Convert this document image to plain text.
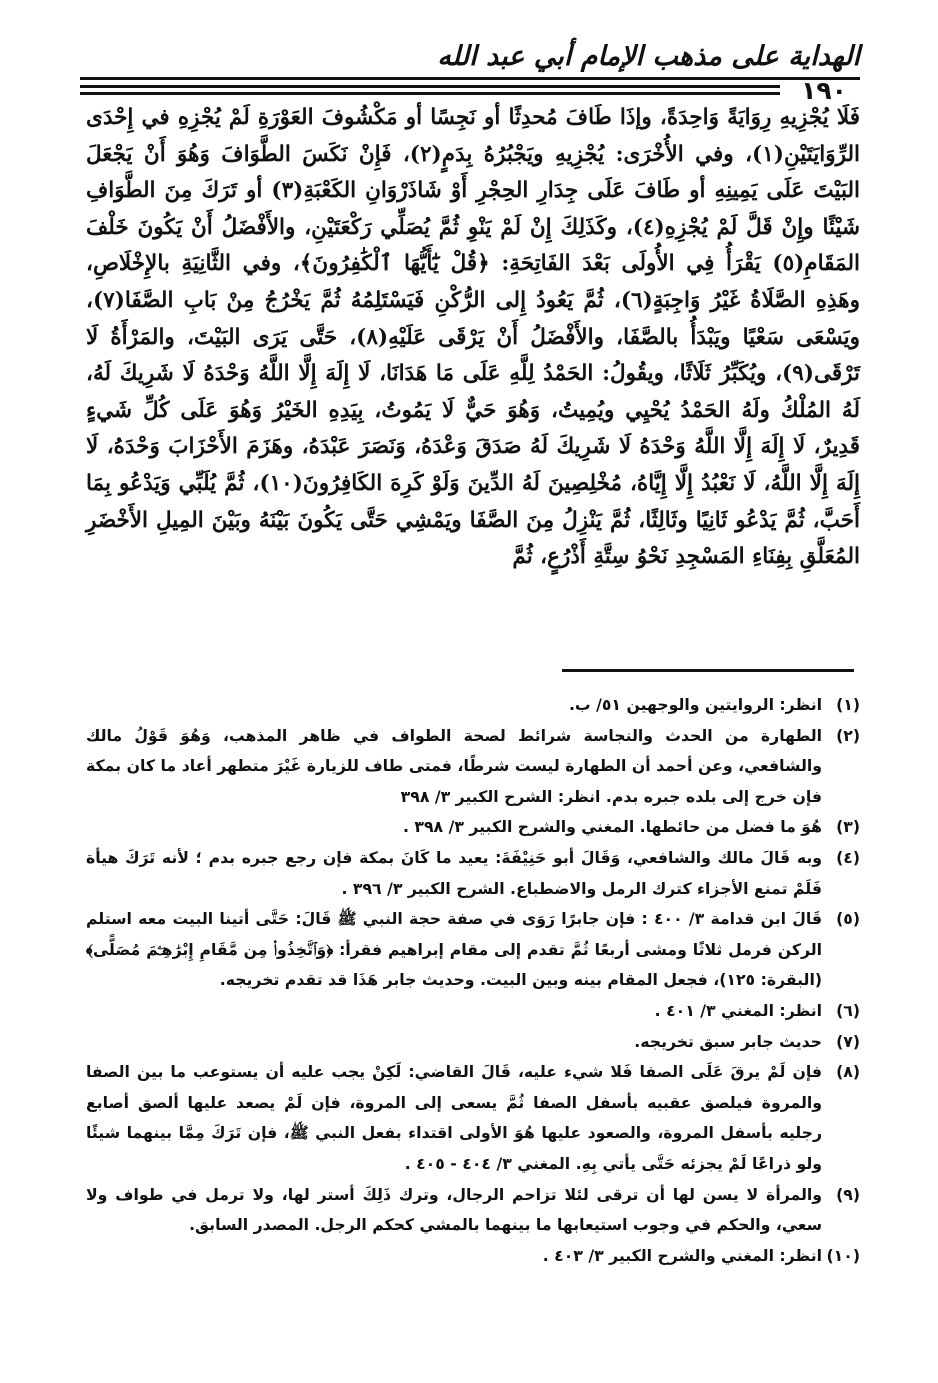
الهداية على مذهب الإمام أبي عبد الله
١٩٠

فَلَا يُجْزِيهِ رِوَايَةً وَاحِدَةً، وإذَا طَافَ مُحدِثًا أو نَجِسًا أو مَكْشُوفَ العَوْرَةِ لَمْ يُجْزِهِ في إِحْدَى الرِّوَايَتَيْنِ(١)، وفي الأُخْرَى: يُجْزِيهِ ويَجْبُرُهُ بِدَمٍ(٢)، فَإِنْ نَكَسَ الطَّوَافَ وَهُوَ أَنْ يَجْعَلَ البَيْتَ عَلَى يَمِينِهِ أو طَافَ عَلَى جِدَارِ الحِجْرِ أَوْ شَاذَرْوَانِ الكَعْبَةِ(٣) أو تَرَكَ مِنَ الطَّوَافِ شَيْئًا وإِنْ قَلَّ لَمْ يُجْزِهِ(٤)، وكَذَلِكَ إِنْ لَمْ يَنْوِ ثُمَّ يُصَلِّي رَكْعَتَيْنِ، والأَفْضَلُ أَنْ يَكُونَ خَلْفَ المَقَامِ(٥) يَقْرَأُ فِي الأُولَى بَعْدَ الفَاتِحَةِ: ﴿قُلْ يَٰٓأَيُّهَا ٱلْكَٰفِرُونَ﴾، وفي الثَّانِيَةِ بالإِخْلَاصِ، وهَذِهِ الصَّلَاةُ غَيْرُ وَاجِبَةٍ(٦)، ثُمَّ يَعُودُ إِلى الرُّكْنِ فَيَسْتَلِمُهُ ثُمَّ يَخْرُجُ مِنْ بَابِ الصَّفَا(٧)، ويَسْعَى سَعْيًا ويَبْدَأُ بالصَّفَا، والأَفْضَلُ أَنْ يَرْقَى عَلَيْهِ(٨)، حَتَّى يَرَى البَيْتَ، والمَرْأَةُ لَا تَرْقَى(٩)، ويُكَبِّرُ ثَلَاثًا، ويقُولُ: الحَمْدُ لِلَّهِ عَلَى مَا هَدَانَا، لَا إِلَهَ إِلَّا اللَّهُ وَحْدَهُ لَا شَرِيكَ لَهُ، لَهُ المُلْكُ ولَهُ الحَمْدُ يُحْيِي ويُمِيتُ، وَهُوَ حَيٌّ لَا يَمُوتُ، بِيَدِهِ الخَيْرُ وَهُوَ عَلَى كُلِّ شَيءٍ قَدِيرٌ، لَا إِلَهَ إِلَّا اللَّهُ وَحْدَهُ لَا شَرِيكَ لَهُ صَدَقَ وَعْدَهُ، وَنَصَرَ عَبْدَهُ، وهَزَمَ الأَحْزَابَ وَحْدَهُ، لَا إِلَهَ إِلَّا اللَّهُ، لَا نَعْبُدُ إِلَّا إِيَّاهُ، مُخْلِصِينَ لَهُ الدِّينَ وَلَوْ كَرِهَ الكَافِرُونَ(١٠)، ثُمَّ يُلَبِّي وَيَدْعُو بِمَا أَحَبَّ، ثُمَّ يَدْعُو ثَانِيًا وثَالِثًا، ثُمَّ يَنْزِلُ مِنَ الصَّفَا ويَمْشِي حَتَّى يَكُونَ بَيْنَهُ وبَيْنَ المِيلِ الأَخْضَرِ المُعَلَّقِ بِفِنَاءِ المَسْجِدِ نَحْوُ سِتَّةِ أَذْرُعٍ، ثُمَّ

(١)
انظر: الروايتين والوجهين ٥١/ ب.

(٢)
الطهارة من الحدث والنجاسة شرائط لصحة الطواف في ظاهر المذهب، وَهُوَ قَوْلُ مالك والشافعي، وعن أحمد أن الطهارة ليست شرطًا، فمتى طاف للزيارة غَيْرَ متطهر أعاد ما كان بمكة فإن خرج إلى بلده جبره بدم. انظر: الشرح الكبير ٣/ ٣٩٨

(٣)
هُوَ ما فضل من حائطها. المغني والشرح الكبير ٣/ ٣٩٨ .

(٤)
وبه قَالَ مالك والشافعي، وَقَالَ أبو حَنِيْفَةَ: يعيد ما كَانَ بمكة فإن رجع جبره بدم ؛ لأنه تَرَكَ هيأة فَلَمْ تمنع الأجزاء كترك الرمل والاضطباع. الشرح الكبير ٣/ ٣٩٦ .

(٥)
قَالَ ابن قدامة ٣/ ٤٠٠ : فإن جابرًا رَوَى في صفة حجة النبي ﷺ قَالَ: حَتَّى أتينا البيت معه استلم الركن فرمل ثلاثًا ومشى أربعًا ثُمَّ تقدم إلى مقام إبراهيم فقرأ: ﴿وَٱتَّخِذُوا۟ مِن مَّقَامِ إِبْرَٰهِـۧمَ مُصَلًّى﴾ (البقرة: ١٢٥)، فجعل المقام بينه وبين البيت. وحديث جابر هَذَا قد تقدم تخريجه.

(٦)
انظر: المغني ٣/ ٤٠١ .

(٧)
حديث جابر سبق تخريجه.

(٨)
فإن لَمْ يرقَ عَلَى الصفا فَلا شيء عليه، قَالَ القاضي: لَكِنْ يجب عليه أن يستوعب ما بين الصفا والمروة فيلصق عقبيه بأسفل الصفا ثُمَّ يسعى إلى المروة، فإن لَمْ يصعد عليها ألصق أصابع رجليه بأسفل المروة، والصعود عليها هُوَ الأولى اقتداء بفعل النبي ﷺ، فإن تَرَكَ مِمَّا بينهما شيئًا ولو ذراعًا لَمْ يجزئه حَتَّى يأتي بِهِ. المغني ٣/ ٤٠٤ - ٤٠٥ .

(٩)
والمرأة لا يسن لها أن ترقى لئلا تزاحم الرجال، وترك ذَلِكَ أستر لها، ولا ترمل في طواف ولا سعي، والحكم في وجوب استيعابها ما بينهما بالمشي كحكم الرجل. المصدر السابق.

(١٠)
انظر: المغني والشرح الكبير ٣/ ٤٠٣ .
